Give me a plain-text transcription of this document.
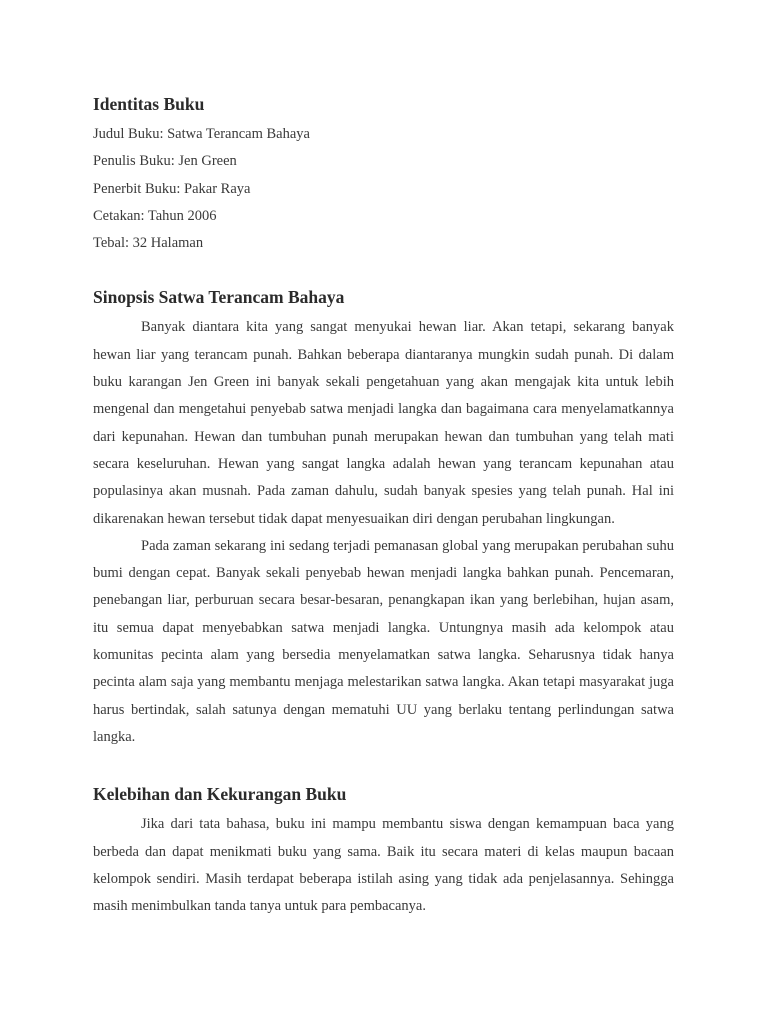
Identitas Buku
Judul Buku: Satwa Terancam Bahaya
Penulis Buku: Jen Green
Penerbit Buku: Pakar Raya
Cetakan: Tahun 2006
Tebal: 32 Halaman
Sinopsis Satwa Terancam Bahaya

Banyak diantara kita yang sangat menyukai hewan liar. Akan tetapi, sekarang banyak hewan liar yang terancam punah. Bahkan beberapa diantaranya mungkin sudah punah. Di dalam buku karangan Jen Green ini banyak sekali pengetahuan yang akan mengajak kita untuk lebih mengenal dan mengetahui penyebab satwa menjadi langka dan bagaimana cara menyelamatkannya dari kepunahan. Hewan dan tumbuhan punah merupakan hewan dan tumbuhan yang telah mati secara keseluruhan. Hewan yang sangat langka adalah hewan yang terancam kepunahan atau populasinya akan musnah. Pada zaman dahulu, sudah banyak spesies yang telah punah. Hal ini dikarenakan hewan tersebut tidak dapat menyesuaikan diri dengan perubahan lingkungan.

Pada zaman sekarang ini sedang terjadi pemanasan global yang merupakan perubahan suhu bumi dengan cepat. Banyak sekali penyebab hewan menjadi langka bahkan punah. Pencemaran, penebangan liar, perburuan secara besar-besaran, penangkapan ikan yang berlebihan, hujan asam, itu semua dapat menyebabkan satwa menjadi langka. Untungnya masih ada kelompok atau komunitas pecinta alam yang bersedia menyelamatkan satwa langka. Seharusnya tidak hanya pecinta alam saja yang membantu menjaga melestarikan satwa langka. Akan tetapi masyarakat juga harus bertindak, salah satunya dengan mematuhi UU yang berlaku tentang perlindungan satwa langka.

Kelebihan dan Kekurangan Buku

Jika dari tata bahasa, buku ini mampu membantu siswa dengan kemampuan baca yang berbeda dan dapat menikmati buku yang sama. Baik itu secara materi di kelas maupun bacaan kelompok sendiri. Masih terdapat beberapa istilah asing yang tidak ada penjelasannya. Sehingga masih menimbulkan tanda tanya untuk para pembacanya.
